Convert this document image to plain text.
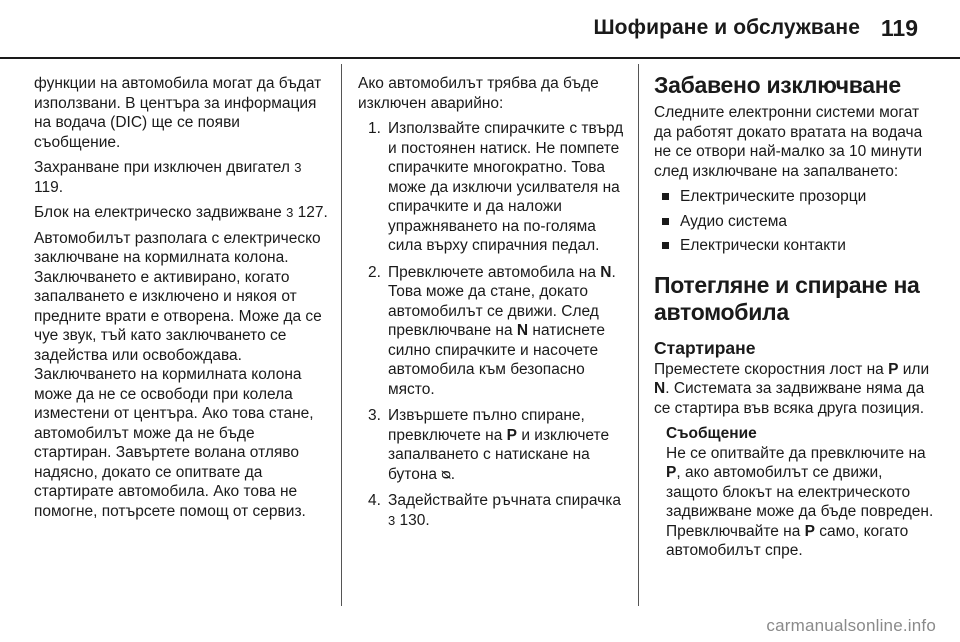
Шофиране и обслужване 119

функции на автомобила могат да бъдат използвани. В центъра за информация на водача (DIC) ще се появи съобщение.

Захранване при изключен двигател 3 119.

Блок на електрическо задвижване 3 127.

Автомобилът разполага с електрическо заключване на кормилната колона. Заключването е активирано, когато запалването е изключено и някоя от предните врати е отворена. Може да се чуе звук, тъй като заключването се задейства или освобождава. Заключването на кормилната колона може да не се освободи при колела изместени от центъра. Ако това стане, автомобилът може да не бъде стартиран. Завъртете волана отляво надясно, докато се опитвате да стартирате автомобила. Ако това не помогне, потърсете помощ от сервиз.

Ако автомобилът трябва да бъде изключен аварийно:

1. Използвайте спирачките с твърд и постоянен натиск. Не помпете спирачките многократно. Това може да изключи усилвателя на спирачките и да наложи упражняването на по-голяма сила върху спирачния педал.
2. Превключете автомобила на N. Това може да стане, докато автомобилът се движи. След превключване на N натиснете силно спирачките и насочете автомобила към безопасно място.
3. Извършете пълно спиране, превключете на P и изключете запалването с натискане на бутона ᴓ.
4. Задействайте ръчната спирачка 3 130.
Забавено изключване

Следните електронни системи могат да работят докато вратата на водача не се отвори най-малко за 10 минути след изключване на запалването:

Електрическите прозорци
Аудио система
Електрически контакти
Потегляне и спиране на автомобила
Стартиране

Преместете скоростния лост на P или N. Системата за задвижване няма да се стартира във всяка друга позиция.

Съобщение
Не се опитвайте да превключите на P, ако автомобилът се движи, защото блокът на електрическото задвижване може да бъде повреден. Превключвайте на P само, когато автомобилът спре.
carmanualsonline.info
